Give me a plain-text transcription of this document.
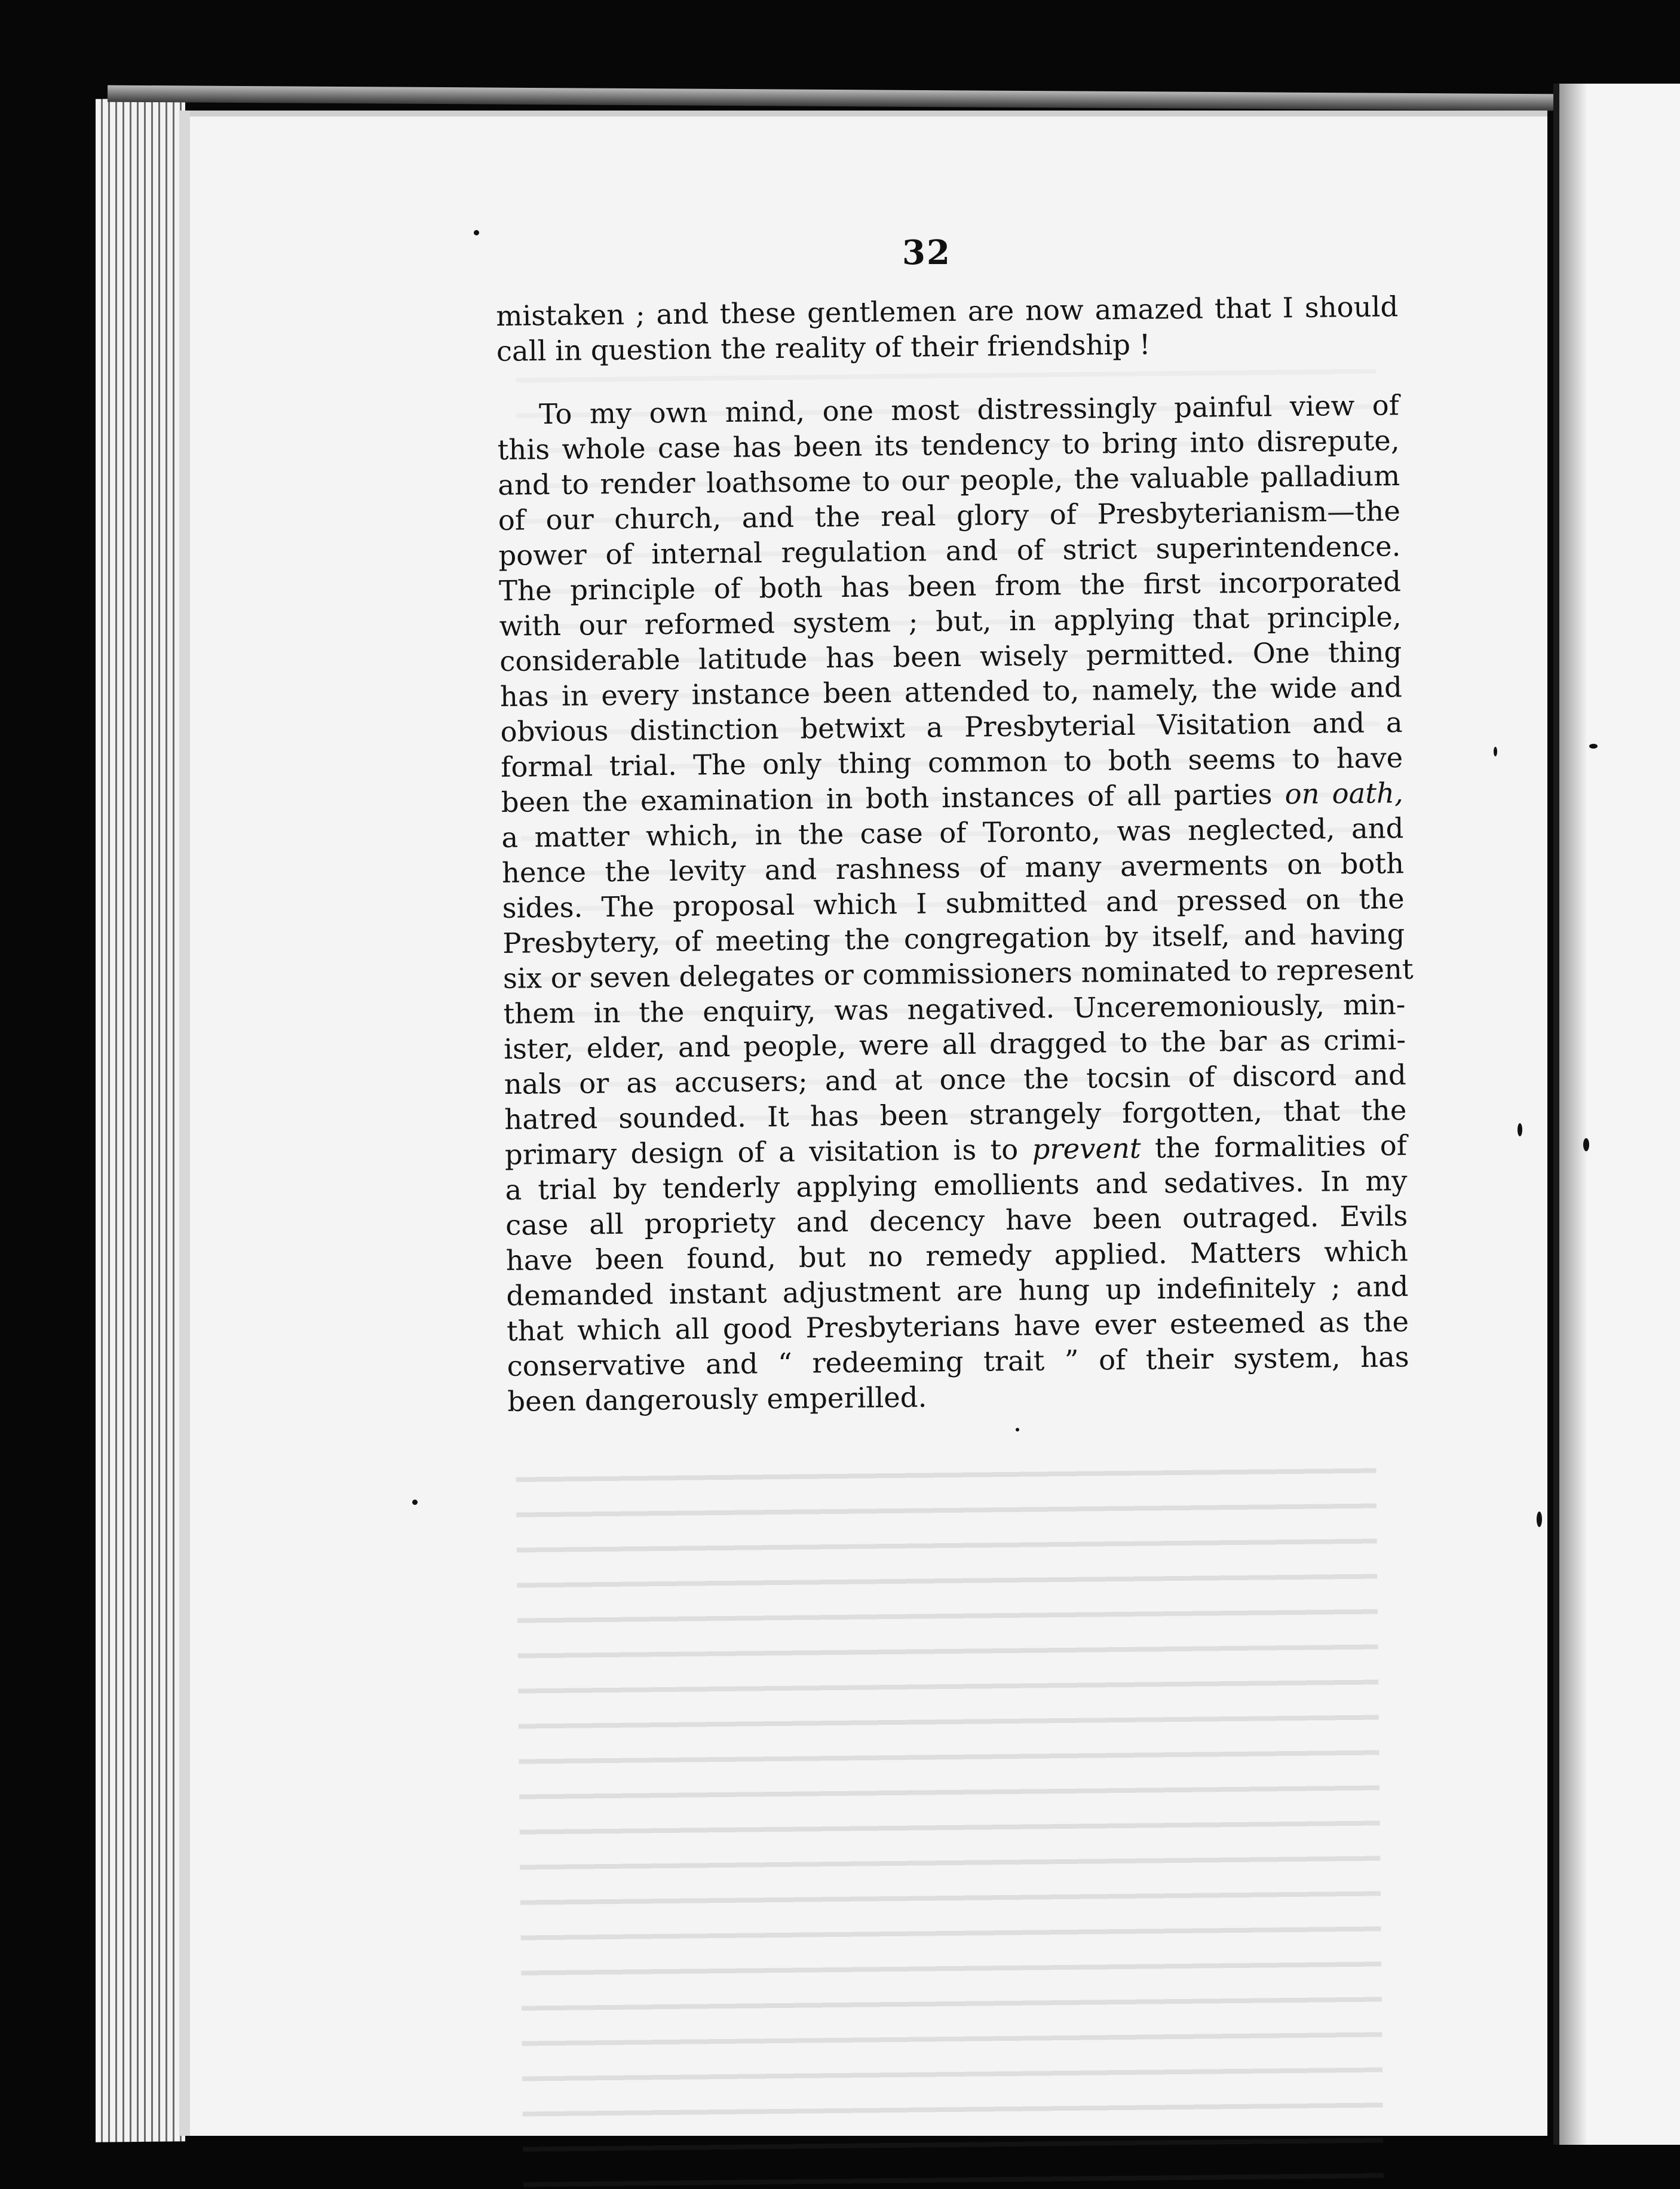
32
mistaken ; and these gentlemen are now amazed that I should
call in question the reality of their friendship !
To my own mind, one most distressingly painful view of
this whole case has been its tendency to bring into disrepute,
and to render loathsome to our people, the valuable palladium
of our church, and the real glory of Presbyterianism—the
power of internal regulation and of strict superintendence.
The principle of both has been from the first incorporated
with our reformed system ; but, in applying that principle,
considerable latitude has been wisely permitted. One thing
has in every instance been attended to, namely, the wide and
obvious distinction betwixt a Presbyterial Visitation and a
formal trial. The only thing common to both seems to have
been the examination in both instances of all parties on oath,
a matter which, in the case of Toronto, was neglected, and
hence the levity and rashness of many averments on both
sides. The proposal which I submitted and pressed on the
Presbytery, of meeting the congregation by itself, and having
six or seven delegates or commissioners nominated to represent
them in the enquiry, was negatived. Unceremoniously, min-
ister, elder, and people, were all dragged to the bar as crimi-
nals or as accusers; and at once the tocsin of discord and
hatred sounded. It has been strangely forgotten, that the
primary design of a visitation is to prevent the formalities of
a trial by tenderly applying emollients and sedatives. In my
case all propriety and decency have been outraged. Evils
have been found, but no remedy applied. Matters which
demanded instant adjustment are hung up indefinitely ; and
that which all good Presbyterians have ever esteemed as the
conservative and “ redeeming trait ” of their system, has
been dangerously emperilled.
